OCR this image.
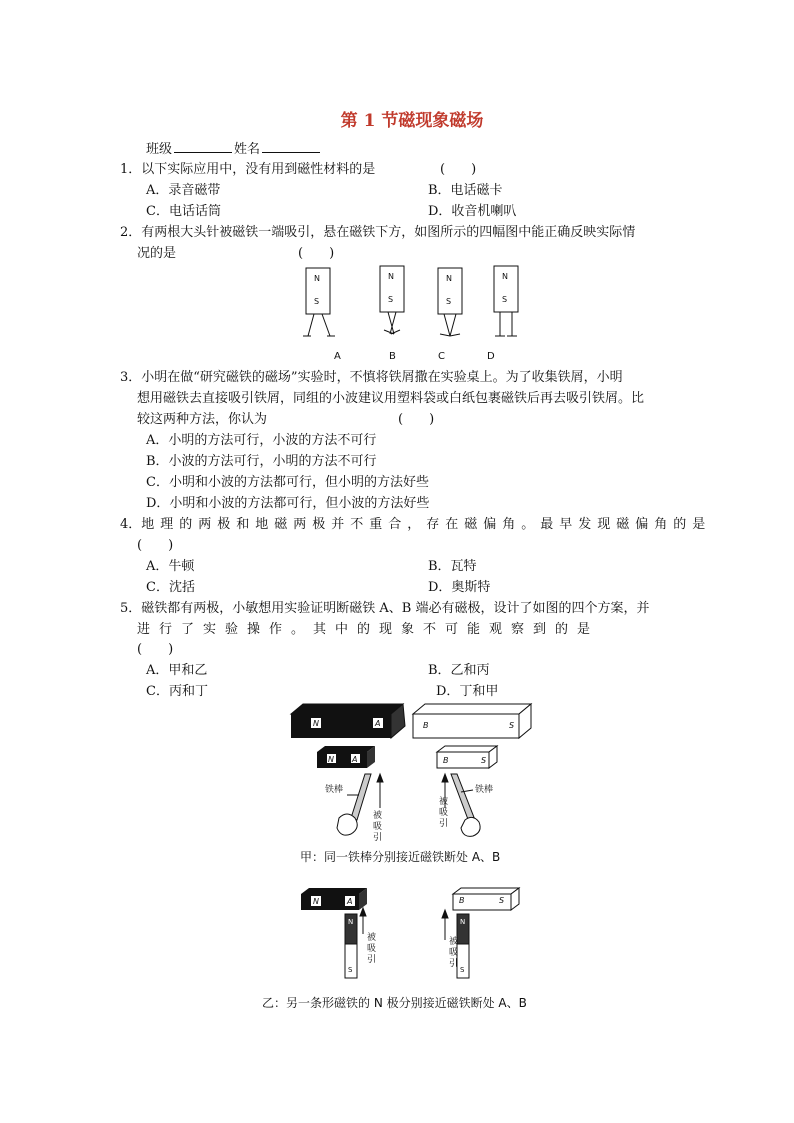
第 1 节磁现象磁场
班级	姓名
1．以下实际应用中，没有用到磁性材料的是	(　　)
A．录音磁带	B．电话磁卡
C．电话话筒	D．收音机喇叭
2．有两根大头针被磁铁一端吸引，悬在磁铁下方，如图所示的四幅图中能正确反映实际情
况的是	(　　)
N
S
N
S
N
S
N
S
A	B	C	D
3．小明在做“研究磁铁的磁场”实验时，不慎将铁屑撒在实验桌上。为了收集铁屑，小明
想用磁铁去直接吸引铁屑，同组的小波建议用塑料袋或白纸包裹磁铁后再去吸引铁屑。比
较这两种方法，你认为	(　　)
A．小明的方法可行，小波的方法不可行
B．小波的方法可行，小明的方法不可行
C．小明和小波的方法都可行，但小明的方法好些
D．小明和小波的方法都可行，但小波的方法好些
4．地理的两极和地磁两极并不重合，存在磁偏角。最早发现磁偏角的是
(　　)
A．牛顿	B．瓦特
C．沈括	D．奥斯特
5．磁铁都有两极，小敏想用实验证明断磁铁 A、B 端必有磁极，设计了如图的四个方案，并
进行了实验操作。其中的现象不可能观察到的是
(　　)
A．甲和乙	B．乙和丙
C．丙和丁	D．丁和甲
N	A
N A
B	S
B	S
铁棒
被
吸
引
铁棒
被
吸
引
甲：同一铁棒分别接近磁铁断处 A、B
N	A	B	S
N	N
S	S
被
吸
引
被
吸
引
乙：另一条形磁铁的 N 极分别接近磁铁断处 A、B
